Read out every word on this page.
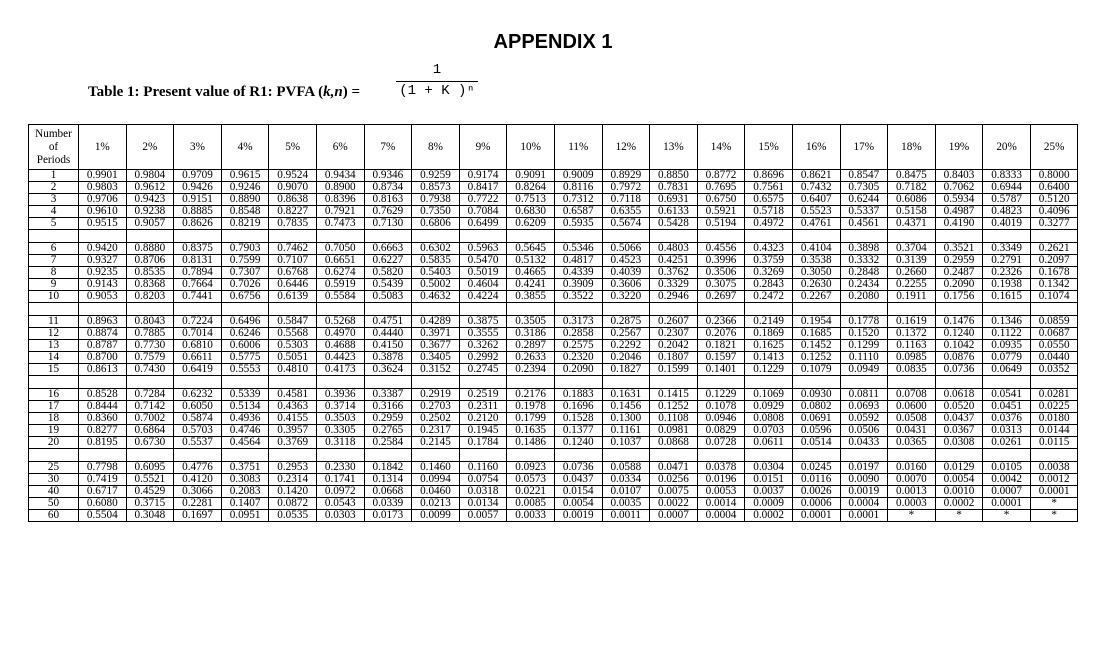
APPENDIX 1
Table 1: Present value of R1: PVFA (k,n) =
1
(1 + K )ⁿ
Number
of
Periods	1%	2%	3%	4%	5%	6%	7%	8%	9%	10%	11%	12%	13%	14%	15%	16%	17%	18%	19%	20%	25%
1	0.9901	0.9804	0.9709	0.9615	0.9524	0.9434	0.9346	0.9259	0.9174	0.9091	0.9009	0.8929	0.8850	0.8772	0.8696	0.8621	0.8547	0.8475	0.8403	0.8333	0.8000
2	0.9803	0.9612	0.9426	0.9246	0.9070	0.8900	0.8734	0.8573	0.8417	0.8264	0.8116	0.7972	0.7831	0.7695	0.7561	0.7432	0.7305	0.7182	0.7062	0.6944	0.6400
3	0.9706	0.9423	0.9151	0.8890	0.8638	0.8396	0.8163	0.7938	0.7722	0.7513	0.7312	0.7118	0.6931	0.6750	0.6575	0.6407	0.6244	0.6086	0.5934	0.5787	0.5120
4	0.9610	0.9238	0.8885	0.8548	0.8227	0.7921	0.7629	0.7350	0.7084	0.6830	0.6587	0.6355	0.6133	0.5921	0.5718	0.5523	0.5337	0.5158	0.4987	0.4823	0.4096
5	0.9515	0.9057	0.8626	0.8219	0.7835	0.7473	0.7130	0.6806	0.6499	0.6209	0.5935	0.5674	0.5428	0.5194	0.4972	0.4761	0.4561	0.4371	0.4190	0.4019	0.3277

6	0.9420	0.8880	0.8375	0.7903	0.7462	0.7050	0.6663	0.6302	0.5963	0.5645	0.5346	0.5066	0.4803	0.4556	0.4323	0.4104	0.3898	0.3704	0.3521	0.3349	0.2621
7	0.9327	0.8706	0.8131	0.7599	0.7107	0.6651	0.6227	0.5835	0.5470	0.5132	0.4817	0.4523	0.4251	0.3996	0.3759	0.3538	0.3332	0.3139	0.2959	0.2791	0.2097
8	0.9235	0.8535	0.7894	0.7307	0.6768	0.6274	0.5820	0.5403	0.5019	0.4665	0.4339	0.4039	0.3762	0.3506	0.3269	0.3050	0.2848	0.2660	0.2487	0.2326	0.1678
9	0.9143	0.8368	0.7664	0.7026	0.6446	0.5919	0.5439	0.5002	0.4604	0.4241	0.3909	0.3606	0.3329	0.3075	0.2843	0.2630	0.2434	0.2255	0.2090	0.1938	0.1342
10	0.9053	0.8203	0.7441	0.6756	0.6139	0.5584	0.5083	0.4632	0.4224	0.3855	0.3522	0.3220	0.2946	0.2697	0.2472	0.2267	0.2080	0.1911	0.1756	0.1615	0.1074

11	0.8963	0.8043	0.7224	0.6496	0.5847	0.5268	0.4751	0.4289	0.3875	0.3505	0.3173	0.2875	0.2607	0.2366	0.2149	0.1954	0.1778	0.1619	0.1476	0.1346	0.0859
12	0.8874	0.7885	0.7014	0.6246	0.5568	0.4970	0.4440	0.3971	0.3555	0.3186	0.2858	0.2567	0.2307	0.2076	0.1869	0.1685	0.1520	0.1372	0.1240	0.1122	0.0687
13	0.8787	0.7730	0.6810	0.6006	0.5303	0.4688	0.4150	0.3677	0.3262	0.2897	0.2575	0.2292	0.2042	0.1821	0.1625	0.1452	0.1299	0.1163	0.1042	0.0935	0.0550
14	0.8700	0.7579	0.6611	0.5775	0.5051	0.4423	0.3878	0.3405	0.2992	0.2633	0.2320	0.2046	0.1807	0.1597	0.1413	0.1252	0.1110	0.0985	0.0876	0.0779	0.0440
15	0.8613	0.7430	0.6419	0.5553	0.4810	0.4173	0.3624	0.3152	0.2745	0.2394	0.2090	0.1827	0.1599	0.1401	0.1229	0.1079	0.0949	0.0835	0.0736	0.0649	0.0352

16	0.8528	0.7284	0.6232	0.5339	0.4581	0.3936	0.3387	0.2919	0.2519	0.2176	0.1883	0.1631	0.1415	0.1229	0.1069	0.0930	0.0811	0.0708	0.0618	0.0541	0.0281
17	0.8444	0.7142	0.6050	0.5134	0.4363	0.3714	0.3166	0.2703	0.2311	0.1978	0.1696	0.1456	0.1252	0.1078	0.0929	0.0802	0.0693	0.0600	0.0520	0.0451	0.0225
18	0.8360	0.7002	0.5874	0.4936	0.4155	0.3503	0.2959	0.2502	0.2120	0.1799	0.1528	0.1300	0.1108	0.0946	0.0808	0.0691	0.0592	0.0508	0.0437	0.0376	0.0180
19	0.8277	0.6864	0.5703	0.4746	0.3957	0.3305	0.2765	0.2317	0.1945	0.1635	0.1377	0.1161	0.0981	0.0829	0.0703	0.0596	0.0506	0.0431	0.0367	0.0313	0.0144
20	0.8195	0.6730	0.5537	0.4564	0.3769	0.3118	0.2584	0.2145	0.1784	0.1486	0.1240	0.1037	0.0868	0.0728	0.0611	0.0514	0.0433	0.0365	0.0308	0.0261	0.0115

25	0.7798	0.6095	0.4776	0.3751	0.2953	0.2330	0.1842	0.1460	0.1160	0.0923	0.0736	0.0588	0.0471	0.0378	0.0304	0.0245	0.0197	0.0160	0.0129	0.0105	0.0038
30	0.7419	0.5521	0.4120	0.3083	0.2314	0.1741	0.1314	0.0994	0.0754	0.0573	0.0437	0.0334	0.0256	0.0196	0.0151	0.0116	0.0090	0.0070	0.0054	0.0042	0.0012
40	0.6717	0.4529	0.3066	0.2083	0.1420	0.0972	0.0668	0.0460	0.0318	0.0221	0.0154	0.0107	0.0075	0.0053	0.0037	0.0026	0.0019	0.0013	0.0010	0.0007	0.0001
50	0.6080	0.3715	0.2281	0.1407	0.0872	0.0543	0.0339	0.0213	0.0134	0.0085	0.0054	0.0035	0.0022	0.0014	0.0009	0.0006	0.0004	0.0003	0.0002	0.0001	*
60	0.5504	0.3048	0.1697	0.0951	0.0535	0.0303	0.0173	0.0099	0.0057	0.0033	0.0019	0.0011	0.0007	0.0004	0.0002	0.0001	0.0001	*	*	*	*
